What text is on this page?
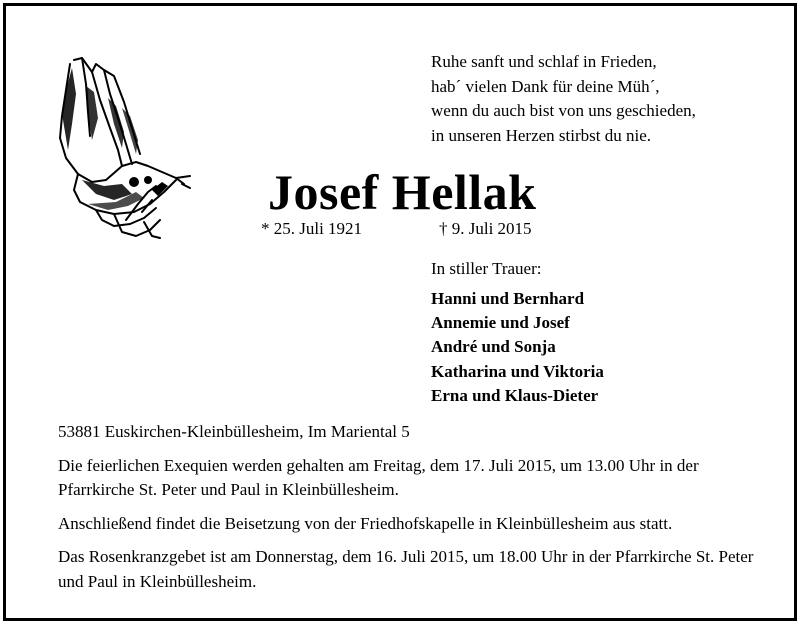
Ruhe sanft und schlaf in Frieden,
hab´ vielen Dank für deine Müh´,
wenn du auch bist von uns geschieden,
in unseren Herzen stirbst du nie.
Josef Hellak
* 25. Juli 1921	† 9. Juli 2015
In stiller Trauer:
Hanni und Bernhard
Annemie und Josef
André und Sonja
Katharina und Viktoria
Erna und Klaus-Dieter

53881 Euskirchen-Kleinbüllesheim, Im Mariental 5

Die feierlichen Exequien werden gehalten am Freitag, dem 17. Juli 2015, um 13.00 Uhr in der Pfarrkirche St. Peter und Paul in Kleinbüllesheim.

Anschließend findet die Beisetzung von der Friedhofskapelle in Kleinbüllesheim aus statt.

Das Rosenkranzgebet ist am Donnerstag, dem 16. Juli 2015, um 18.00 Uhr in der Pfarrkirche St. Peter und Paul in Kleinbüllesheim.
